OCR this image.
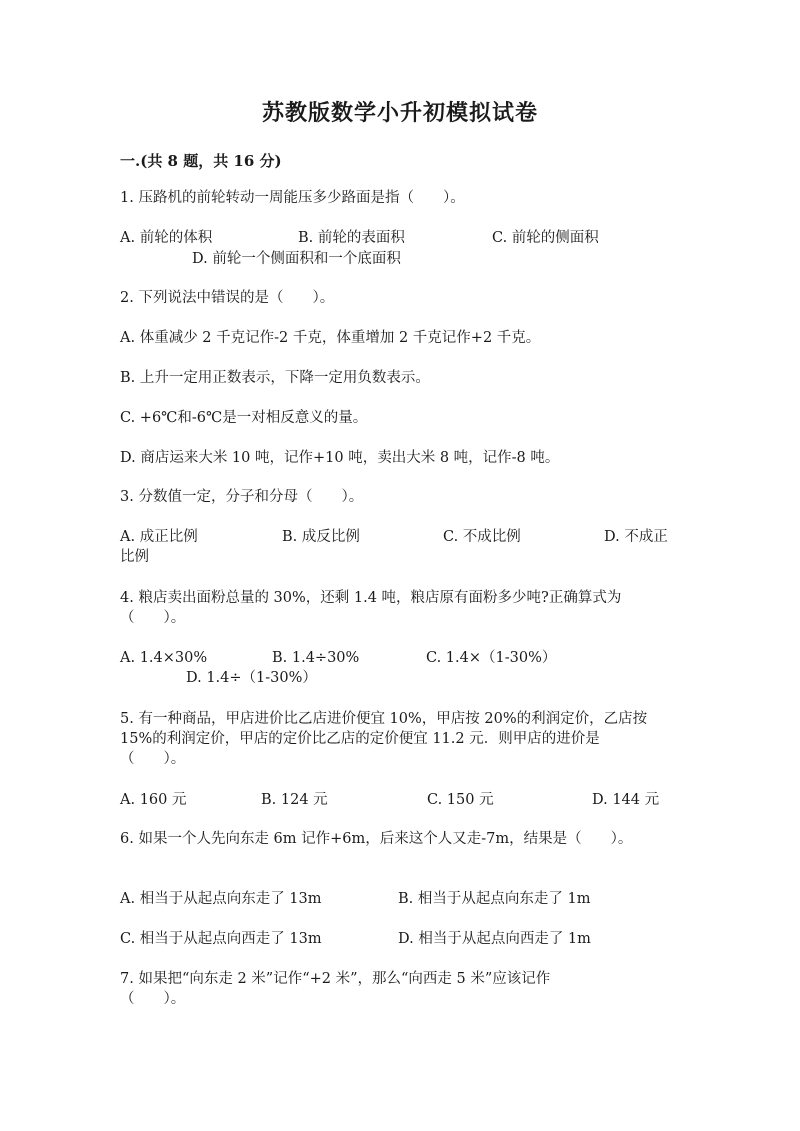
苏教版数学小升初模拟试卷
一.(共 8 题，共 16 分)
1. 压路机的前轮转动一周能压多少路面是指（　　）。
A. 前轮的体积	B. 前轮的表面积	C. 前轮的侧面积
D. 前轮一个侧面积和一个底面积
2. 下列说法中错误的是（　　）。
A. 体重减少 2 千克记作-2 千克，体重增加 2 千克记作+2 千克。
B. 上升一定用正数表示，下降一定用负数表示。
C. +6℃和-6℃是一对相反意义的量。
D. 商店运来大米 10 吨，记作+10 吨，卖出大米 8 吨，记作-8 吨。
3. 分数值一定，分子和分母（　　）。
A. 成正比例	B. 成反比例	C. 不成比例	D. 不成正比例
4. 粮店卖出面粉总量的 30%，还剩 1.4 吨，粮店原有面粉多少吨?正确算式为
（　　）。
A. 1.4×30%	B. 1.4÷30%	C. 1.4×（1-30%）
D. 1.4÷（1-30%）
5. 有一种商品，甲店进价比乙店进价便宜 10%，甲店按 20%的利润定价，乙店按
15%的利润定价，甲店的定价比乙店的定价便宜 11.2 元．则甲店的进价是
（　　）。
A. 160 元	B. 124 元	C. 150 元	D. 144 元
6. 如果一个人先向东走 6m 记作+6m，后来这个人又走-7m，结果是（　　）。
A. 相当于从起点向东走了 13m	B. 相当于从起点向东走了 1m
C. 相当于从起点向西走了 13m	D. 相当于从起点向西走了 1m
7. 如果把“向东走 2 米”记作“+2 米”，那么“向西走 5 米”应该记作
（　　）。
